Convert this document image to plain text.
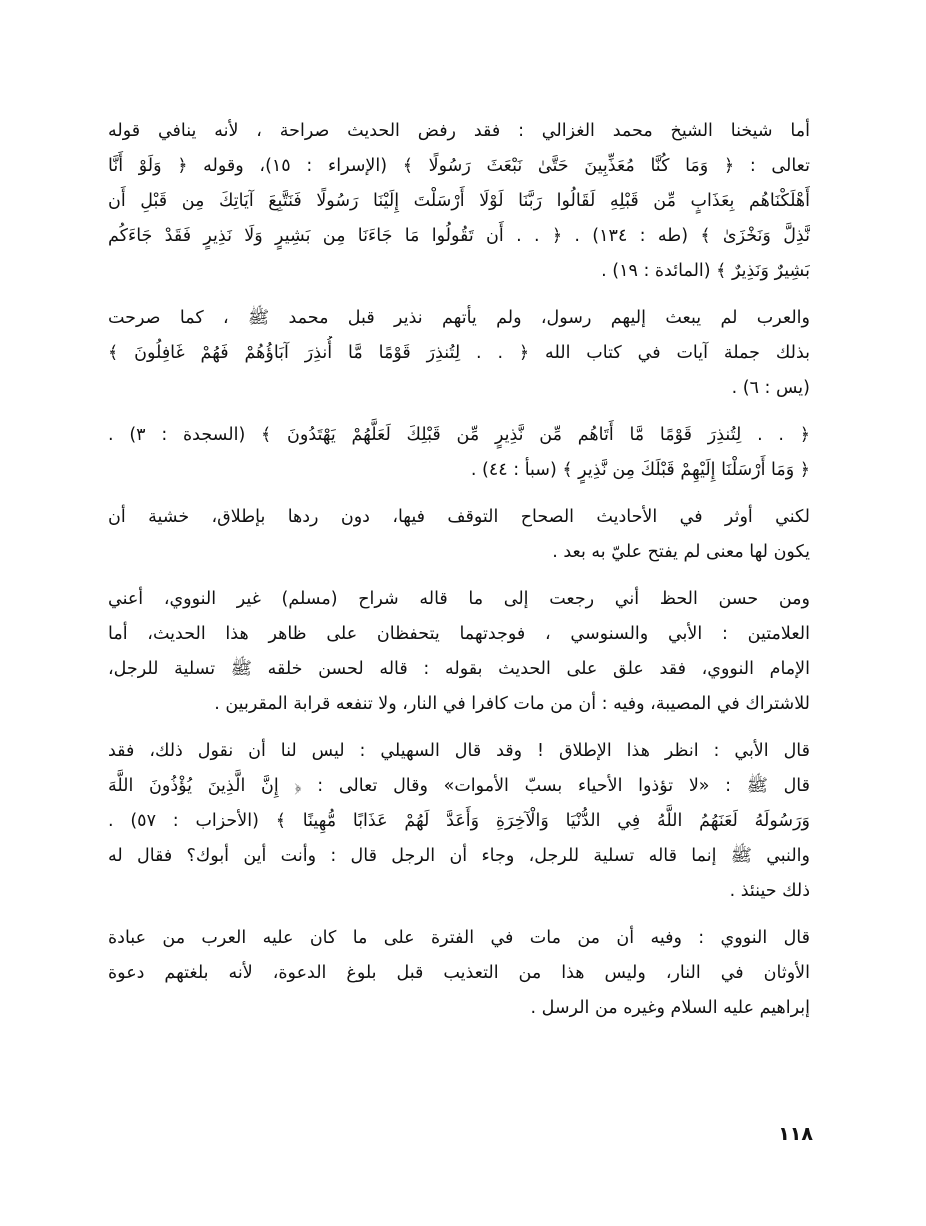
أما شيخنا الشيخ محمد الغزالي : فقد رفض الحديث صراحة ، لأنه ينافي قوله
تعالى : ﴿ وَمَا كُنَّا مُعَذِّبِينَ حَتَّىٰ نَبْعَثَ رَسُولًا ﴾ (الإسراء : ١٥)، وقوله ﴿ وَلَوْ أَنَّا
أَهْلَكْنَاهُم بِعَذَابٍ مِّن قَبْلِهِ لَقَالُوا رَبَّنَا لَوْلَا أَرْسَلْتَ إِلَيْنَا رَسُولًا فَنَتَّبِعَ آيَاتِكَ مِن قَبْلِ أَن
نَّذِلَّ وَنَخْزَىٰ ﴾ (طه : ١٣٤) . ﴿ . . أَن تَقُولُوا مَا جَاءَنَا مِن بَشِيرٍ وَلَا نَذِيرٍ فَقَدْ جَاءَكُم
بَشِيرٌ وَنَذِيرٌ ﴾ (المائدة : ١٩) .
والعرب لم يبعث إليهم رسول، ولم يأتهم نذير قبل محمد ﷺ ، كما صرحت
بذلك جملة آيات في كتاب الله ﴿ . . لِتُنذِرَ قَوْمًا مَّا أُنذِرَ آبَاؤُهُمْ فَهُمْ غَافِلُونَ ﴾
(يس : ٦) .
﴿ . . لِتُنذِرَ قَوْمًا مَّا أَتَاهُم مِّن نَّذِيرٍ مِّن قَبْلِكَ لَعَلَّهُمْ يَهْتَدُونَ ﴾ (السجدة : ٣) .
﴿ وَمَا أَرْسَلْنَا إِلَيْهِمْ قَبْلَكَ مِن نَّذِيرٍ ﴾ (سبأ : ٤٤) .
لكني أوثر في الأحاديث الصحاح التوقف فيها، دون ردها بإطلاق، خشية أن
يكون لها معنى لم يفتح عليّ به بعد .
ومن حسن الحظ أني رجعت إلى ما قاله شراح (مسلم) غير النووي، أعني
العلامتين : الأبي والسنوسي ، فوجدتهما يتحفظان على ظاهر هذا الحديث، أما
الإمام النووي، فقد علق على الحديث بقوله : قاله لحسن خلقه ﷺ تسلية للرجل،
للاشتراك في المصيبة، وفيه : أن من مات كافرا في النار، ولا تنفعه قرابة المقربين .
قال الأبي : انظر هذا الإطلاق ! وقد قال السهيلي : ليس لنا أن نقول ذلك، فقد
قال ﷺ : «لا تؤذوا الأحياء بسبّ الأموات» وقال تعالى : ﴿ إِنَّ الَّذِينَ يُؤْذُونَ اللَّهَ
وَرَسُولَهُ لَعَنَهُمُ اللَّهُ فِي الدُّنْيَا وَالْآخِرَةِ وَأَعَدَّ لَهُمْ عَذَابًا مُّهِينًا ﴾ (الأحزاب : ٥٧) .
والنبي ﷺ إنما قاله تسلية للرجل، وجاء أن الرجل قال : وأنت أين أبوك؟ فقال له
ذلك حينئذ .
قال النووي : وفيه أن من مات في الفترة على ما كان عليه العرب من عبادة
الأوثان في النار، وليس هذا من التعذيب قبل بلوغ الدعوة، لأنه بلغتهم دعوة
إبراهيم عليه السلام وغيره من الرسل .
١١٨
